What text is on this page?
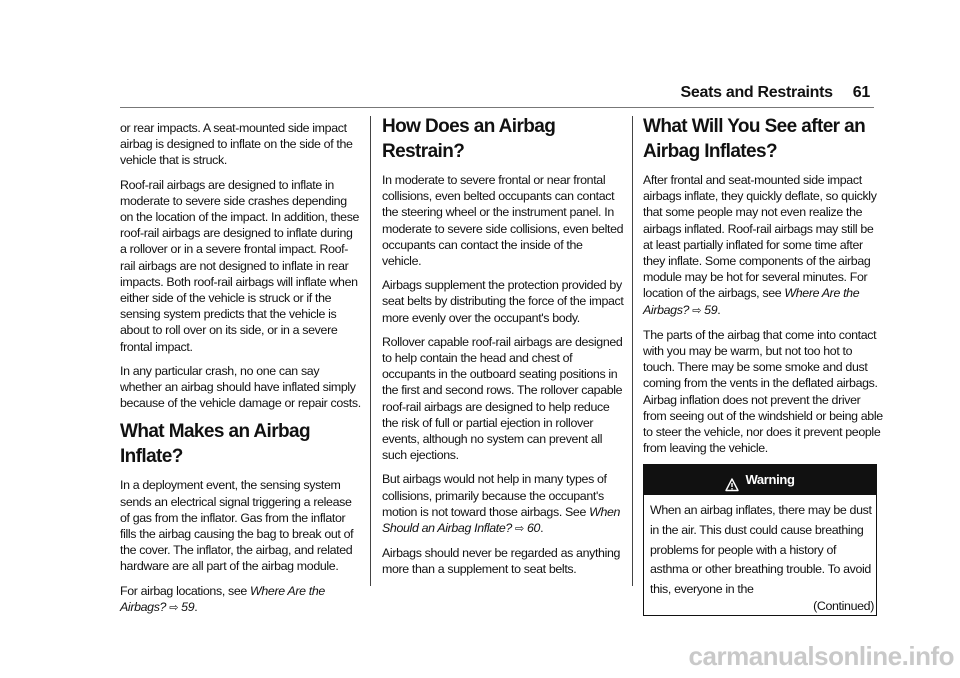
Seats and Restraints 61

or rear impacts. A seat-mounted side impact airbag is designed to inflate on the side of the vehicle that is struck.

Roof-rail airbags are designed to inflate in moderate to severe side crashes depending on the location of the impact. In addition, these roof-rail airbags are designed to inflate during a rollover or in a severe frontal impact. Roof-rail airbags are not designed to inflate in rear impacts. Both roof-rail airbags will inflate when either side of the vehicle is struck or if the sensing system predicts that the vehicle is about to roll over on its side, or in a severe frontal impact.

In any particular crash, no one can say whether an airbag should have inflated simply because of the vehicle damage or repair costs.

What Makes an Airbag Inflate?

In a deployment event, the sensing system sends an electrical signal triggering a release of gas from the inflator. Gas from the inflator fills the airbag causing the bag to break out of the cover. The inflator, the airbag, and related hardware are all part of the airbag module.

For airbag locations, see Where Are the Airbags? ⇨ 59.

How Does an Airbag Restrain?

In moderate to severe frontal or near frontal collisions, even belted occupants can contact the steering wheel or the instrument panel. In moderate to severe side collisions, even belted occupants can contact the inside of the vehicle.

Airbags supplement the protection provided by seat belts by distributing the force of the impact more evenly over the occupant's body.

Rollover capable roof-rail airbags are designed to help contain the head and chest of occupants in the outboard seating positions in the first and second rows. The rollover capable roof-rail airbags are designed to help reduce the risk of full or partial ejection in rollover events, although no system can prevent all such ejections.

But airbags would not help in many types of collisions, primarily because the occupant's motion is not toward those airbags. See When Should an Airbag Inflate? ⇨ 60.

Airbags should never be regarded as anything more than a supplement to seat belts.

What Will You See after an Airbag Inflates?

After frontal and seat-mounted side impact airbags inflate, they quickly deflate, so quickly that some people may not even realize the airbags inflated. Roof-rail airbags may still be at least partially inflated for some time after they inflate. Some components of the airbag module may be hot for several minutes. For location of the airbags, see Where Are the Airbags? ⇨ 59.

The parts of the airbag that come into contact with you may be warm, but not too hot to touch. There may be some smoke and dust coming from the vents in the deflated airbags. Airbag inflation does not prevent the driver from seeing out of the windshield or being able to steer the vehicle, nor does it prevent people from leaving the vehicle.

Warning
When an airbag inflates, there may be dust in the air. This dust could cause breathing problems for people with a history of asthma or other breathing trouble. To avoid this, everyone in the
(Continued)
carmanualsonline.info
